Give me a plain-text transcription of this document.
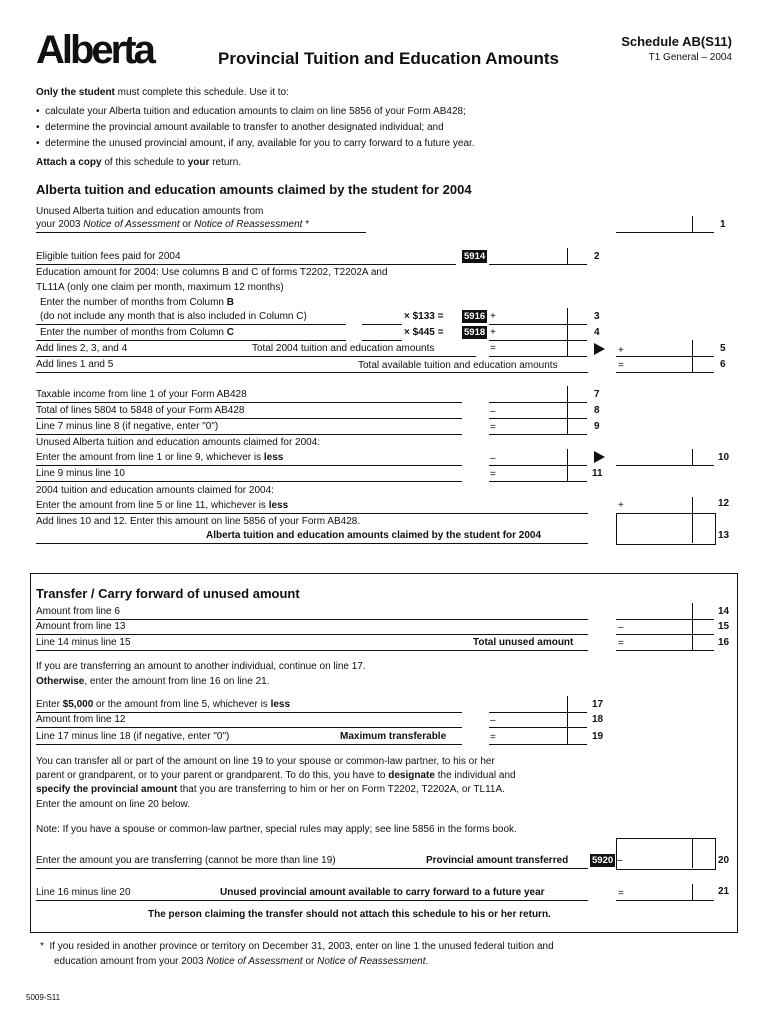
Alberta	Provincial Tuition and Education Amounts
Schedule AB(S11)
T1 General – 2004
Only the student must complete this schedule. Use it to:
• calculate your Alberta tuition and education amounts to claim on line 5856 of your Form AB428;
• determine the provincial amount available to transfer to another designated individual; and
• determine the unused provincial amount, if any, available for you to carry forward to a future year.
Attach a copy of this schedule to your return.
Alberta tuition and education amounts claimed by the student for 2004
Unused Alberta tuition and education amounts from
your 2003 Notice of Assessment or Notice of Reassessment *	1
Eligible tuition fees paid for 2004	5914	2
Education amount for 2004: Use columns B and C of forms T2202, T2202A and
TL11A (only one claim per month, maximum 12 months)
Enter the number of months from Column B
(do not include any month that is also included in Column C)	× $133 = 5916 +	3
Enter the number of months from Column C	× $445 = 5918 +	4
Add lines 2, 3, and 4	Total 2004 tuition and education amounts	=	+	5
Add lines 1 and 5	Total available tuition and education amounts	=	6
Taxable income from line 1 of your Form AB428	7
Total of lines 5804 to 5848 of your Form AB428	–	8
Line 7 minus line 8 (if negative, enter "0")	=	9
Unused Alberta tuition and education amounts claimed for 2004:
Enter the amount from line 1 or line 9, whichever is less	–	10
Line 9 minus line 10	=	11
2004 tuition and education amounts claimed for 2004:
Enter the amount from line 5 or line 11, whichever is less	+	12
Add lines 10 and 12. Enter this amount on line 5856 of your Form AB428.
Alberta tuition and education amounts claimed by the student for 2004	13
Transfer / Carry forward of unused amount
Amount from line 6	14
Amount from line 13	–	15
Line 14 minus line 15	Total unused amount	=	16
If you are transferring an amount to another individual, continue on line 17.
Otherwise, enter the amount from line 16 on line 21.
Enter $5,000 or the amount from line 5, whichever is less	17
Amount from line 12	–	18
Line 17 minus line 18 (if negative, enter "0")	Maximum transferable	=	19
You can transfer all or part of the amount on line 19 to your spouse or common-law partner, to his or her
parent or grandparent, or to your parent or grandparent. To do this, you have to designate the individual and
specify the provincial amount that you are transferring to him or her on Form T2202, T2202A, or TL11A.
Enter the amount on line 20 below.
Note: If you have a spouse or common-law partner, special rules may apply; see line 5856 in the forms book.
Enter the amount you are transferring (cannot be more than line 19)	Provincial amount transferred 5920 –	20
Line 16 minus line 20	Unused provincial amount available to carry forward to a future year	=	21
The person claiming the transfer should not attach this schedule to his or her return.
* If you resided in another province or territory on December 31, 2003, enter on line 1 the unused federal tuition and
education amount from your 2003 Notice of Assessment or Notice of Reassessment.
5009-S11
